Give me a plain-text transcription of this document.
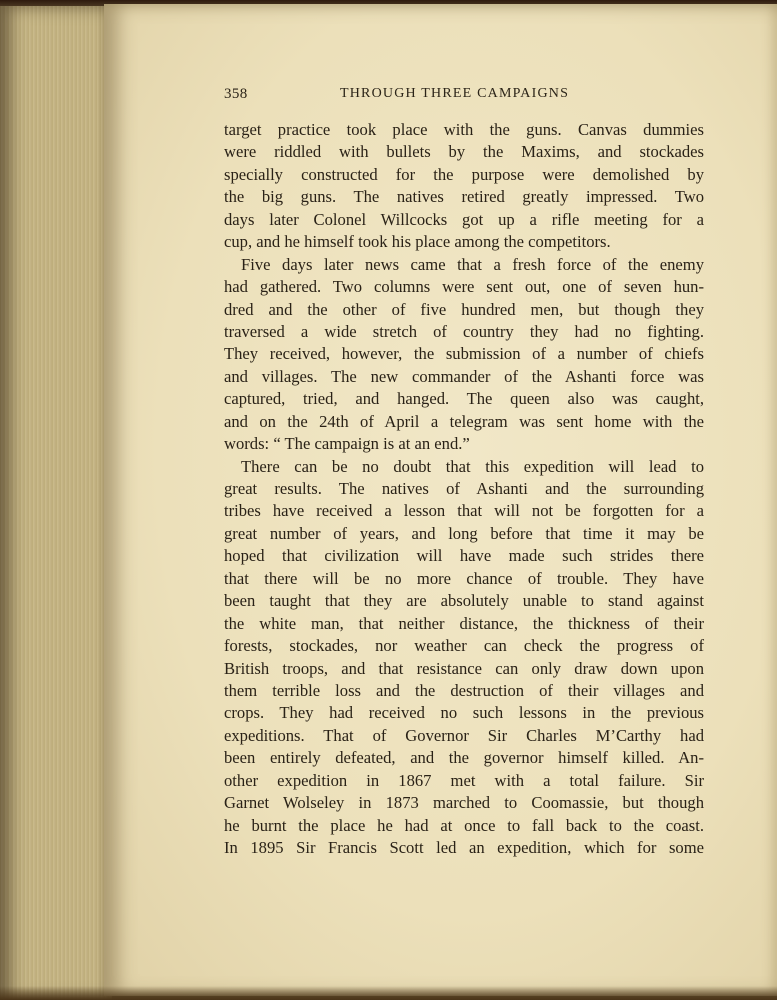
358	THROUGH THREE CAMPAIGNS

target practice took place with the guns. Canvas dummies
were riddled with bullets by the Maxims, and stockades
specially constructed for the purpose were demolished by
the big guns. The natives retired greatly impressed. Two
days later Colonel Willcocks got up a rifle meeting for a
cup, and he himself took his place among the competitors.

Five days later news came that a fresh force of the enemy
had gathered. Two columns were sent out, one of seven hun-
dred and the other of five hundred men, but though they
traversed a wide stretch of country they had no fighting.
They received, however, the submission of a number of chiefs
and villages. The new commander of the Ashanti force was
captured, tried, and hanged. The queen also was caught,
and on the 24th of April a telegram was sent home with the
words: “ The campaign is at an end.”

There can be no doubt that this expedition will lead to
great results. The natives of Ashanti and the surrounding
tribes have received a lesson that will not be forgotten for a
great number of years, and long before that time it may be
hoped that civilization will have made such strides there
that there will be no more chance of trouble. They have
been taught that they are absolutely unable to stand against
the white man, that neither distance, the thickness of their
forests, stockades, nor weather can check the progress of
British troops, and that resistance can only draw down upon
them terrible loss and the destruction of their villages and
crops. They had received no such lessons in the previous
expeditions. That of Governor Sir Charles M’Carthy had
been entirely defeated, and the governor himself killed. An-
other expedition in 1867 met with a total failure. Sir
Garnet Wolseley in 1873 marched to Coomassie, but though
he burnt the place he had at once to fall back to the coast.
In 1895 Sir Francis Scott led an expedition, which for some
